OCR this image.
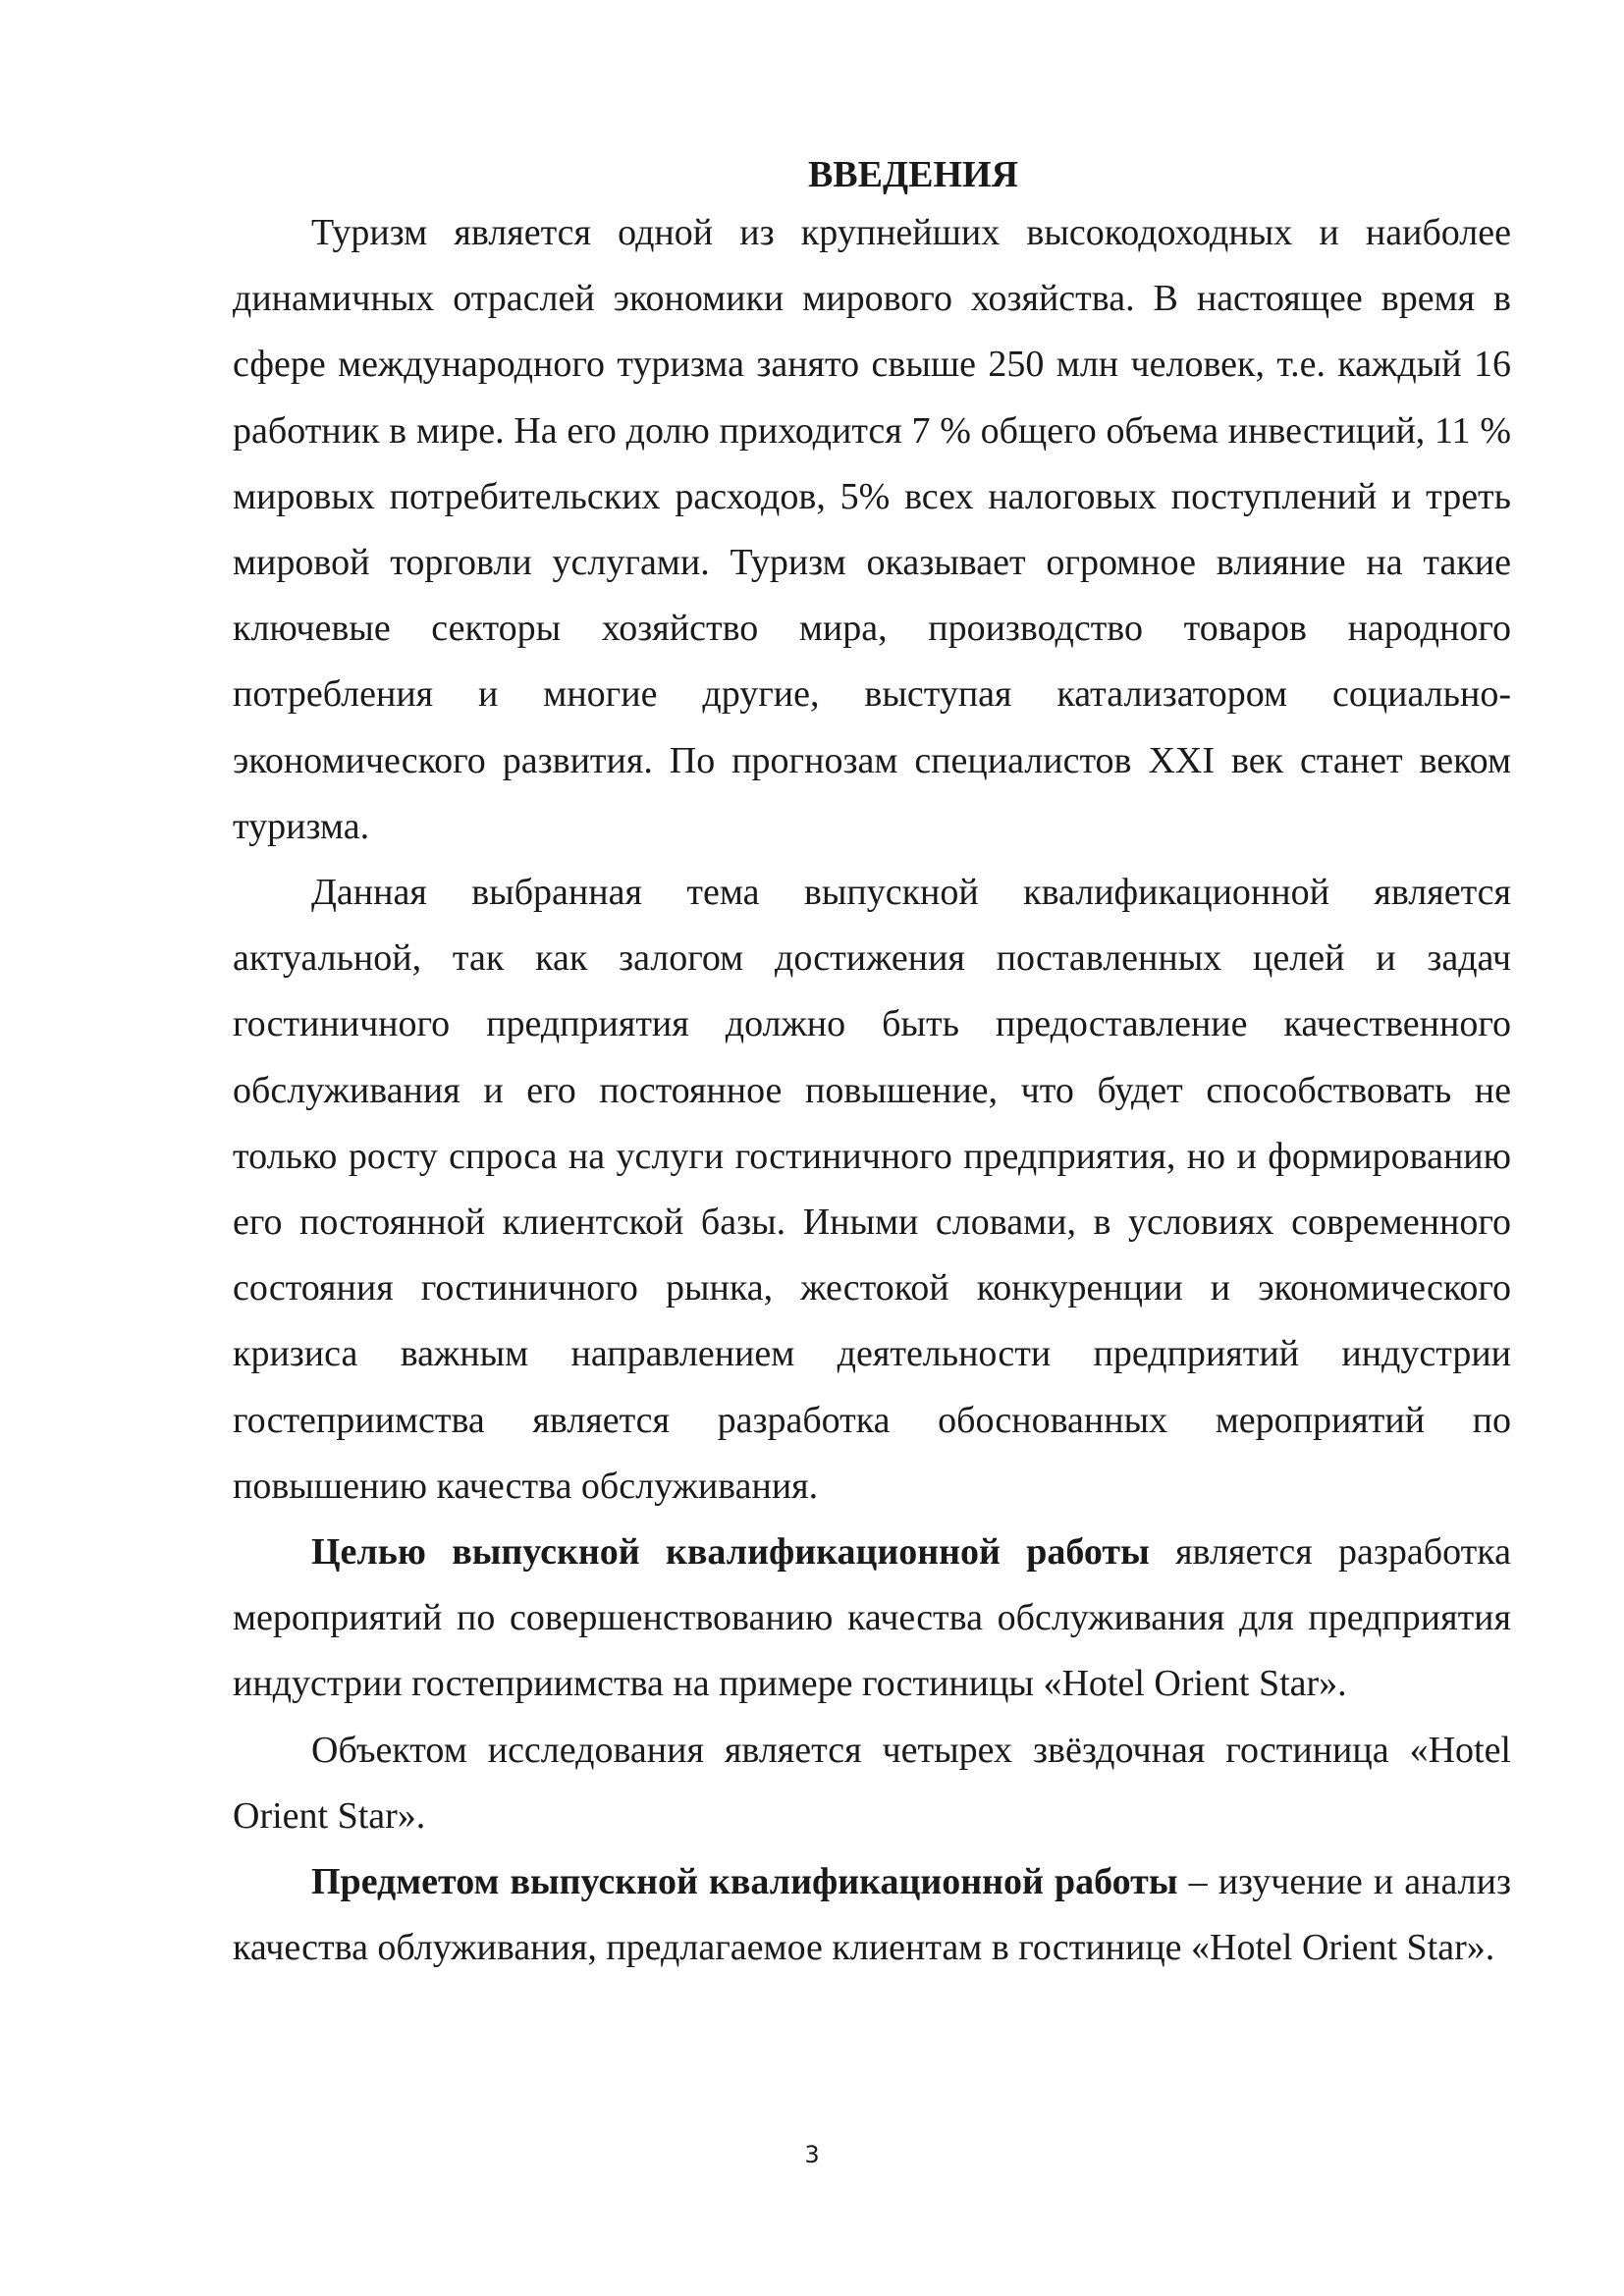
ВВЕДЕНИЯ

Туризм является одной из крупнейших высокодоходных и наиболее динамичных отраслей экономики мирового хозяйства. В настоящее время в сфере международного туризма занято свыше 250 млн человек, т.е. каждый 16 работник в мире. На его долю приходится 7 % общего объема инвестиций, 11 % мировых потребительских расходов, 5% всех налоговых поступлений и треть мировой торговли услугами. Туризм оказывает огромное влияние на такие ключевые секторы хозяйство мира, производство товаров народного потребления и многие другие, выступая катализатором социально-экономического развития. По прогнозам специалистов XXI век станет веком туризма.

Данная выбранная тема выпускной квалификационной является актуальной, так как залогом достижения поставленных целей и задач гостиничного предприятия должно быть предоставление качественного обслуживания и его постоянное повышение, что будет способствовать не только росту спроса на услуги гостиничного предприятия, но и формированию его постоянной клиентской базы. Иными словами, в условиях современного состояния гостиничного рынка, жестокой конкуренции и экономического кризиса важным направлением деятельности предприятий индустрии гостеприимства является разработка обоснованных мероприятий по повышению качества обслуживания.

Целью выпускной квалификационной работы является разработка мероприятий по совершенствованию качества обслуживания для предприятия индустрии гостеприимства на примере гостиницы «Hotel Orient Star».

Объектом исследования является четырех звёздочная гостиница «Hotel Orient Star».

Предметом выпускной квалификационной работы – изучение и анализ качества облуживания, предлагаемое клиентам в гостинице «Hotel Orient Star».

3
